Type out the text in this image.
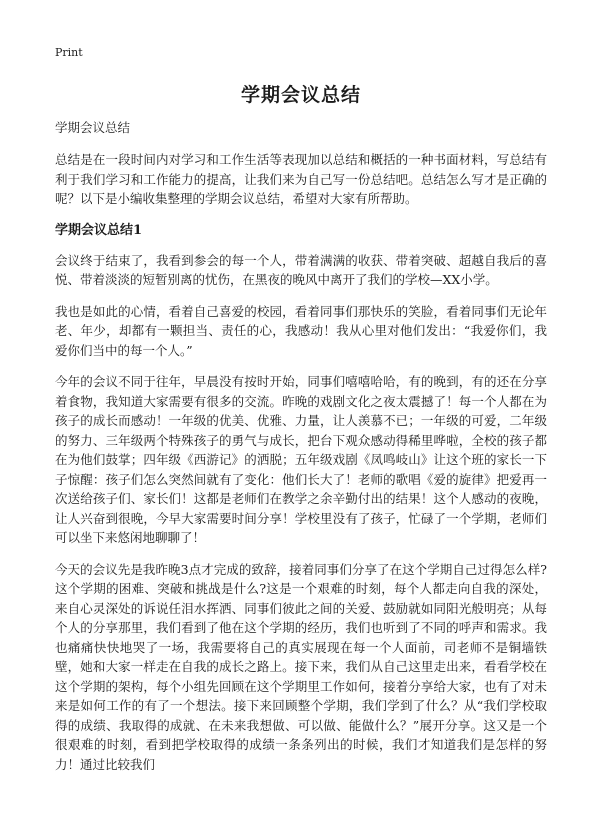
Print
学期会议总结
学期会议总结

总结是在一段时间内对学习和工作生活等表现加以总结和概括的一种书面材料，写总结有利于我们学习和工作能力的提高，让我们来为自己写一份总结吧。总结怎么写才是正确的呢？以下是小编收集整理的学期会议总结，希望对大家有所帮助。

学期会议总结1

会议终于结束了，我看到参会的每一个人，带着满满的收获、带着突破、超越自我后的喜悦、带着淡淡的短暂别离的忧伤，在黑夜的晚风中离开了我们的学校—XX小学。

我也是如此的心情，看着自己喜爱的校园，看着同事们那快乐的笑脸，看着同事们无论年老、年少，却都有一颗担当、责任的心，我感动！我从心里对他们发出：“我爱你们，我爱你们当中的每一个人。”

今年的会议不同于往年，早晨没有按时开始，同事们嘻嘻哈哈，有的晚到，有的还在分享着食物，我知道大家需要有很多的交流。昨晚的戏剧文化之夜太震撼了！每一个人都在为孩子的成长而感动！一年级的优美、优雅、力量，让人羡慕不已；一年级的可爱，二年级的努力、三年级两个特殊孩子的勇气与成长，把台下观众感动得稀里哗啦，全校的孩子都在为他们鼓掌；四年级《西游记》的洒脱；五年级戏剧《凤鸣岐山》让这个班的家长一下子惊醒：孩子们怎么突然间就有了变化：他们长大了！老师的歌唱《爱的旋律》把爱再一次送给孩子们、家长们！这都是老师们在教学之余辛勤付出的结果！这个人感动的夜晚，让人兴奋到很晚，今早大家需要时间分享！学校里没有了孩子，忙碌了一个学期，老师们可以坐下来悠闲地聊聊了！

今天的会议先是我昨晚3点才完成的致辞，接着同事们分享了在这个学期自己过得怎么样?这个学期的困难、突破和挑战是什么?这是一个艰难的时刻，每个人都走向自我的深处，来自心灵深处的诉说任泪水挥洒、同事们彼此之间的关爱、鼓励就如同阳光般明亮；从每个人的分享那里，我们看到了他在这个学期的经历，我们也听到了不同的呼声和需求。我也痛痛快快地哭了一场，我需要将自己的真实展现在每一个人面前，司老师不是铜墙铁壁，她和大家一样走在自我的成长之路上。接下来，我们从自己这里走出来，看看学校在这个学期的架构，每个小组先回顾在这个学期里工作如何，接着分享给大家，也有了对未来是如何工作的有了一个想法。接下来回顾整个学期，我们学到了什么？从“我们学校取得的成绩、我取得的成就、在未来我想做、可以做、能做什么？”展开分享。这又是一个很艰难的时刻，看到把学校取得的成绩一条条列出的时候，我们才知道我们是怎样的努力！通过比较我们
